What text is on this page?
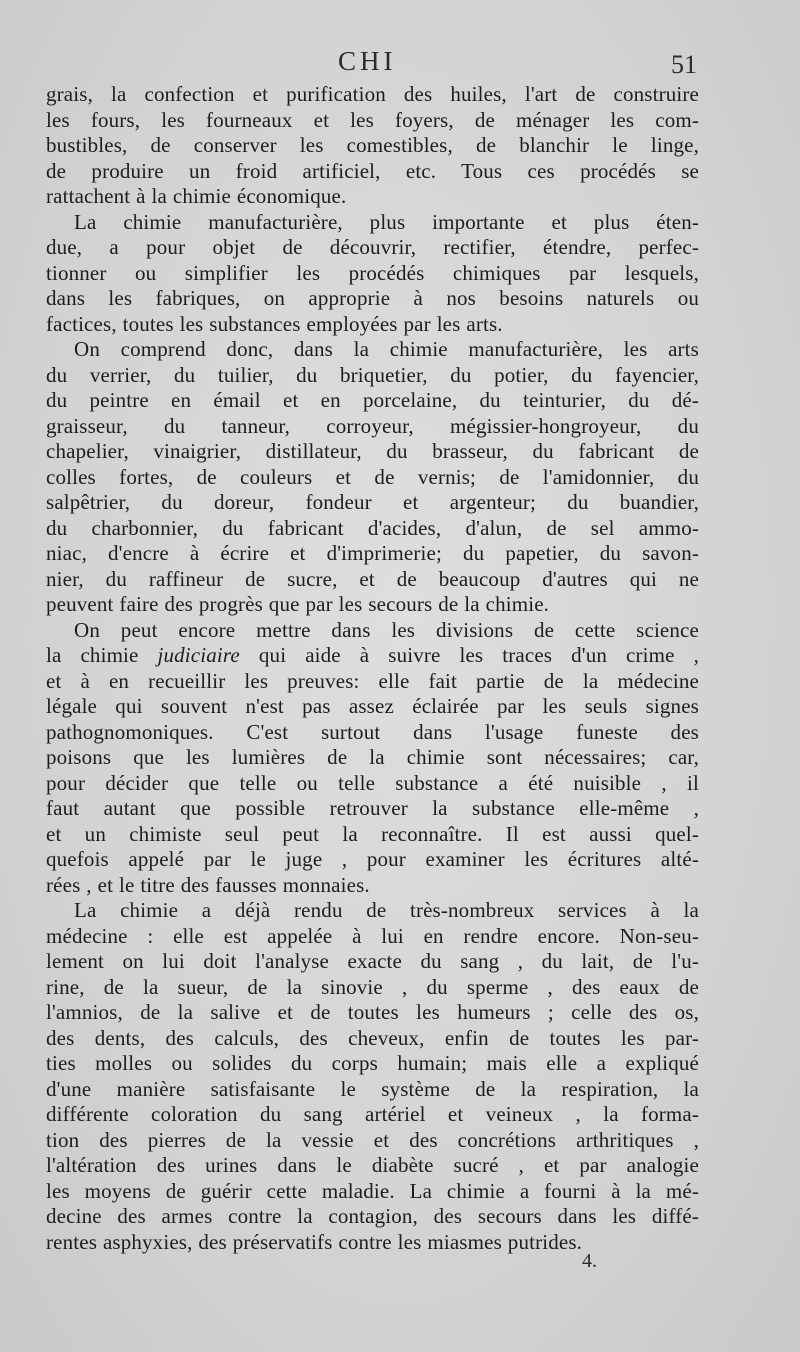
CHI	51

grais, la confection et purification des huiles, l'art de construire
les fours, les fourneaux et les foyers, de ménager les com-
bustibles, de conserver les comestibles, de blanchir le linge,
de produire un froid artificiel, etc. Tous ces procédés se
rattachent à la chimie économique.

La chimie manufacturière, plus importante et plus éten-
due, a pour objet de découvrir, rectifier, étendre, perfec-
tionner ou simplifier les procédés chimiques par lesquels,
dans les fabriques, on approprie à nos besoins naturels ou
factices, toutes les substances employées par les arts.

On comprend donc, dans la chimie manufacturière, les arts
du verrier, du tuilier, du briquetier, du potier, du fayencier,
du peintre en émail et en porcelaine, du teinturier, du dé-
graisseur, du tanneur, corroyeur, mégissier-hongroyeur, du
chapelier, vinaigrier, distillateur, du brasseur, du fabricant de
colles fortes, de couleurs et de vernis; de l'amidonnier, du
salpêtrier, du doreur, fondeur et argenteur; du buandier,
du charbonnier, du fabricant d'acides, d'alun, de sel ammo-
niac, d'encre à écrire et d'imprimerie; du papetier, du savon-
nier, du raffineur de sucre, et de beaucoup d'autres qui ne
peuvent faire des progrès que par les secours de la chimie.

On peut encore mettre dans les divisions de cette science
la chimie judiciaire qui aide à suivre les traces d'un crime ,
et à en recueillir les preuves: elle fait partie de la médecine
légale qui souvent n'est pas assez éclairée par les seuls signes
pathognomoniques. C'est surtout dans l'usage funeste des
poisons que les lumières de la chimie sont nécessaires; car,
pour décider que telle ou telle substance a été nuisible , il
faut autant que possible retrouver la substance elle-même ,
et un chimiste seul peut la reconnaître. Il est aussi quel-
quefois appelé par le juge , pour examiner les écritures alté-
rées , et le titre des fausses monnaies.

La chimie a déjà rendu de très-nombreux services à la
médecine : elle est appelée à lui en rendre encore. Non-seu-
lement on lui doit l'analyse exacte du sang , du lait, de l'u-
rine, de la sueur, de la sinovie , du sperme , des eaux de
l'amnios, de la salive et de toutes les humeurs ; celle des os,
des dents, des calculs, des cheveux, enfin de toutes les par-
ties molles ou solides du corps humain; mais elle a expliqué
d'une manière satisfaisante le système de la respiration, la
différente coloration du sang artériel et veineux , la forma-
tion des pierres de la vessie et des concrétions arthritiques ,
l'altération des urines dans le diabète sucré , et par analogie
les moyens de guérir cette maladie. La chimie a fourni à la mé-
decine des armes contre la contagion, des secours dans les diffé-
rentes asphyxies, des préservatifs contre les miasmes putrides.

4.
